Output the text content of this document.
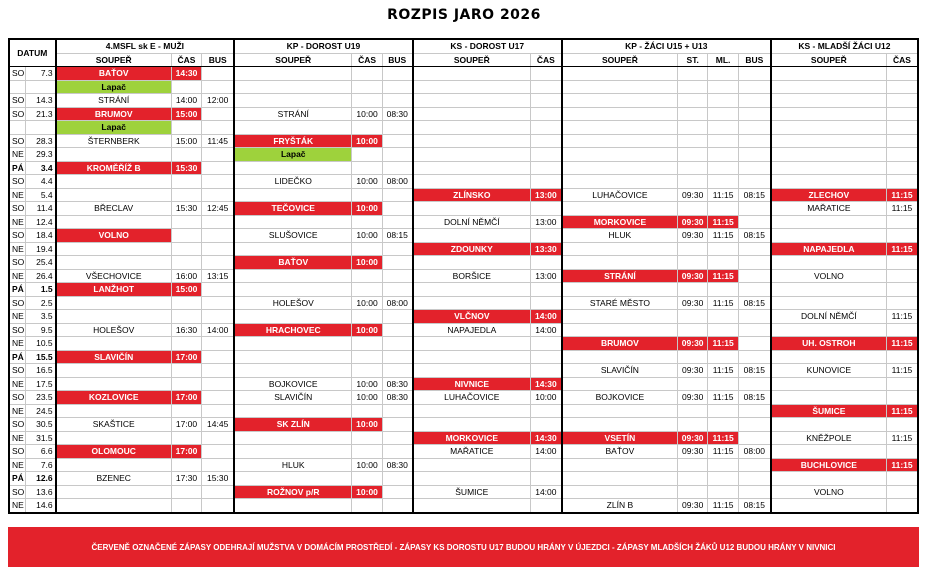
ROZPIS JARO 2026
DATUM		4.MSFL sk E - MUŽI			KP - DOROST U19			KS - DOROST U17		KP - ŽÁCI U15 + U13				KS - MLADŠÍ ŽÁCI U12	
		SOUPEŘ	ČAS	BUS	SOUPEŘ	ČAS	BUS	SOUPEŘ	ČAS	SOUPEŘ	ST.	ML.	BUS	SOUPEŘ	ČAS
SO	7.3	BAŤOV	14:30												
		Lapač													
SO	14.3	STRÁNÍ	14:00	12:00											
SO	21.3	BRUMOV	15:00		STRÁNÍ	10:00	08:30								
		Lapač													
SO	28.3	ŠTERNBERK	15:00	11:45	FRYŠTÁK	10:00									
NE	29.3				Lapač										
PÁ	3.4	KROMĚŘÍŽ B	15:30												
SO	4.4				LIDEČKO	10:00	08:00								
NE	5.4							ZLÍNSKO	13:00	LUHAČOVICE	09:30	11:15	08:15	ZLECHOV	11:15
SO	11.4	BŘECLAV	15:30	12:45	TEČOVICE	10:00								MAŘATICE	11:15
NE	12.4							DOLNÍ NĚMČÍ	13:00	MORKOVICE	09:30	11:15			
SO	18.4	VOLNO			SLUŠOVICE	10:00	08:15			HLUK	09:30	11:15	08:15		
NE	19.4							ZDOUNKY	13:30					NAPAJEDLA	11:15
SO	25.4				BAŤOV	10:00									
NE	26.4	VŠECHOVICE	16:00	13:15				BORŠICE	13:00	STRÁNÍ	09:30	11:15		VOLNO	
PÁ	1.5	LANŽHOT	15:00												
SO	2.5				HOLEŠOV	10:00	08:00			STARÉ MĚSTO	09:30	11:15	08:15		
NE	3.5							VLČNOV	14:00					DOLNÍ NĚMČÍ	11:15
SO	9.5	HOLEŠOV	16:30	14:00	HRACHOVEC	10:00		NAPAJEDLA	14:00						
NE	10.5									BRUMOV	09:30	11:15		UH. OSTROH	11:15
PÁ	15.5	SLAVIČÍN	17:00												
SO	16.5									SLAVIČÍN	09:30	11:15	08:15	KUNOVICE	11:15
NE	17.5				BOJKOVICE	10:00	08:30	NIVNICE	14:30						
SO	23.5	KOZLOVICE	17:00		SLAVIČÍN	10:00	08:30	LUHAČOVICE	10:00	BOJKOVICE	09:30	11:15	08:15		
NE	24.5													ŠUMICE	11:15
SO	30.5	SKAŠTICE	17:00	14:45	SK ZLÍN	10:00									
NE	31.5							MORKOVICE	14:30	VSETÍN	09:30	11:15		KNĚŽPOLE	11:15
SO	6.6	OLOMOUC	17:00					MAŘATICE	14:00	BAŤOV	09:30	11:15	08:00		
NE	7.6				HLUK	10:00	08:30							BUCHLOVICE	11:15
PÁ	12.6	BZENEC	17:30	15:30											
SO	13.6				ROŽNOV p/R	10:00		ŠUMICE	14:00					VOLNO	
NE	14.6									ZLÍN B	09:30	11:15	08:15		
ČERVENĚ OZNAČENÉ ZÁPASY ODEHRAJÍ MUŽSTVA V DOMÁCÍM PROSTŘEDÍ - ZÁPASY KS DOROSTU U17 BUDOU HRÁNY V ÚJEZDCI - ZÁPASY MLADŠÍCH ŽÁKŮ U12 BUDOU HRÁNY V NIVNICI
